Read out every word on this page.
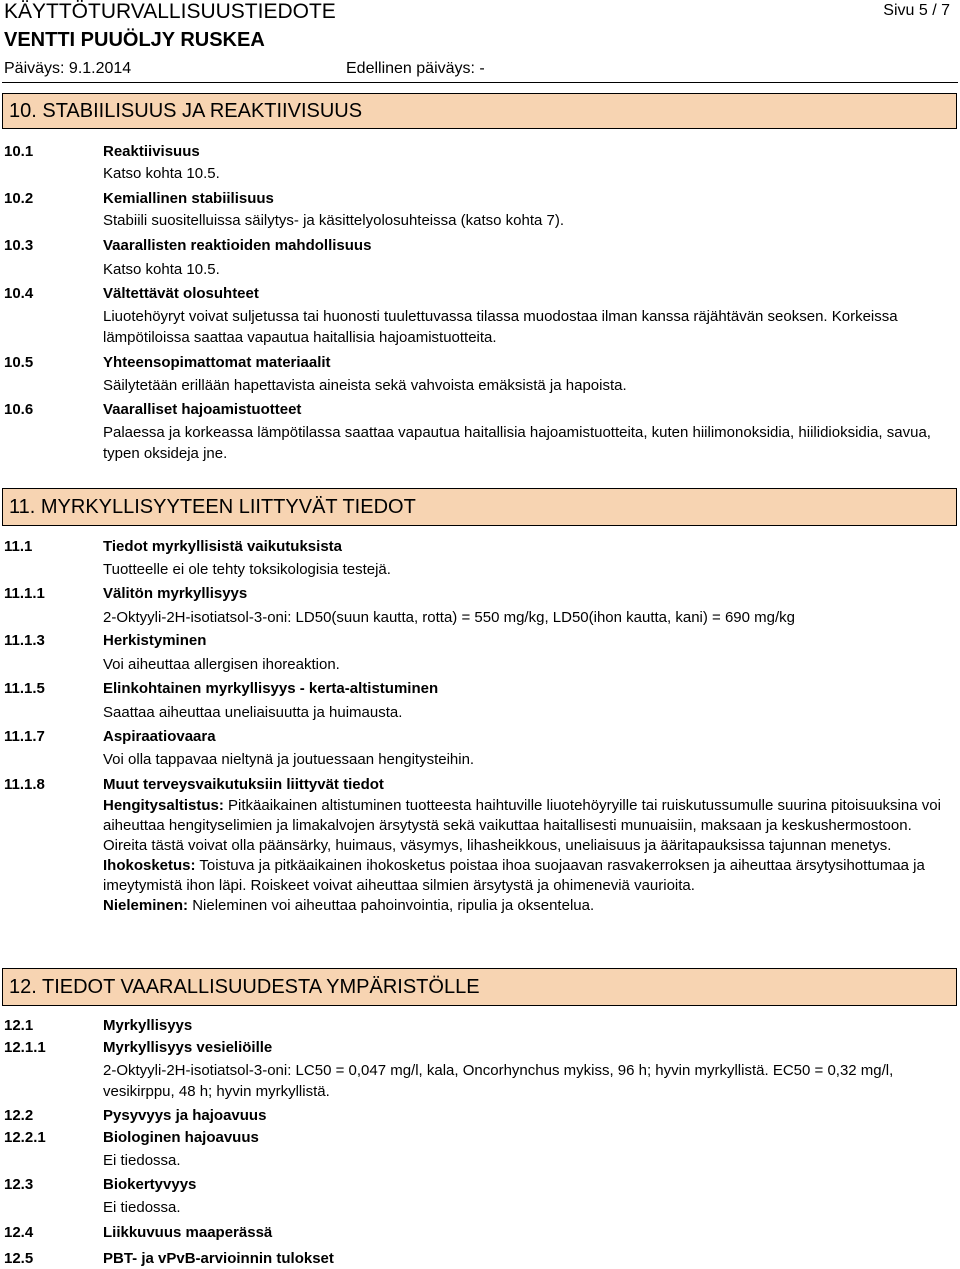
KÄYTTÖTURVALLISUUSTIEDOTE	Sivu 5 / 7
VENTTI PUUÖLJY RUSKEA
Päiväys: 9.1.2014	Edellinen päiväys: -
10. STABIILISUUS JA REAKTIIVISUUS
10.1	Reaktiivisuus
Katso kohta 10.5.
10.2	Kemiallinen stabiilisuus
Stabiili suositelluissa säilytys- ja käsittelyolosuhteissa (katso kohta 7).
10.3	Vaarallisten reaktioiden mahdollisuus
Katso kohta 10.5.
10.4	Vältettävät olosuhteet
Liuotehöyryt voivat suljetussa tai huonosti tuulettuvassa tilassa muodostaa ilman kanssa räjähtävän seoksen. Korkeissa lämpötiloissa saattaa vapautua haitallisia hajoamistuotteita.
10.5	Yhteensopimattomat materiaalit
Säilytetään erillään hapettavista aineista sekä vahvoista emäksistä ja hapoista.
10.6	Vaaralliset hajoamistuotteet
Palaessa ja korkeassa lämpötilassa saattaa vapautua haitallisia hajoamistuotteita, kuten hiilimonoksidia, hiilidioksidia, savua, typen oksideja jne.
11. MYRKYLLISYYTEEN LIITTYVÄT TIEDOT
11.1	Tiedot myrkyllisistä vaikutuksista
Tuotteelle ei ole tehty toksikologisia testejä.
11.1.1	Välitön myrkyllisyys
2-Oktyyli-2H-isotiatsol-3-oni: LD50(suun kautta, rotta) = 550 mg/kg, LD50(ihon kautta, kani) = 690 mg/kg
11.1.3	Herkistyminen
Voi aiheuttaa allergisen ihoreaktion.
11.1.5	Elinkohtainen myrkyllisyys - kerta-altistuminen
Saattaa aiheuttaa uneliaisuutta ja huimausta.
11.1.7	Aspiraatiovaara
Voi olla tappavaa nieltynä ja joutuessaan hengitysteihin.
11.1.8	Muut terveysvaikutuksiin liittyvät tiedot
Hengitysaltistus: Pitkäaikainen altistuminen tuotteesta haihtuville liuotehöyryille tai ruiskutussumulle suurina pitoisuuksina voi aiheuttaa hengityselimien ja limakalvojen ärsytystä sekä vaikuttaa haitallisesti munuaisiin, maksaan ja keskushermostoon. Oireita tästä voivat olla päänsärky, huimaus, väsymys, lihasheikkous, uneliaisuus ja ääritapauksissa tajunnan menetys.
Ihokosketus: Toistuva ja pitkäaikainen ihokosketus poistaa ihoa suojaavan rasvakerroksen ja aiheuttaa ärsytysihottumaa ja imeytymistä ihon läpi. Roiskeet voivat aiheuttaa silmien ärsytystä ja ohimeneviä vaurioita.
Nieleminen: Nieleminen voi aiheuttaa pahoinvointia, ripulia ja oksentelua.
12. TIEDOT VAARALLISUUDESTA YMPÄRISTÖLLE
12.1	Myrkyllisyys
12.1.1	Myrkyllisyys vesieliöille
2-Oktyyli-2H-isotiatsol-3-oni: LC50 = 0,047 mg/l, kala, Oncorhynchus mykiss, 96 h; hyvin myrkyllistä. EC50 = 0,32 mg/l, vesikirppu, 48 h; hyvin myrkyllistä.
12.2	Pysyvyys ja hajoavuus
12.2.1	Biologinen hajoavuus
Ei tiedossa.
12.3	Biokertyvyys
Ei tiedossa.
12.4	Liikkuvuus maaperässä
12.5	PBT- ja vPvB-arvioinnin tulokset
